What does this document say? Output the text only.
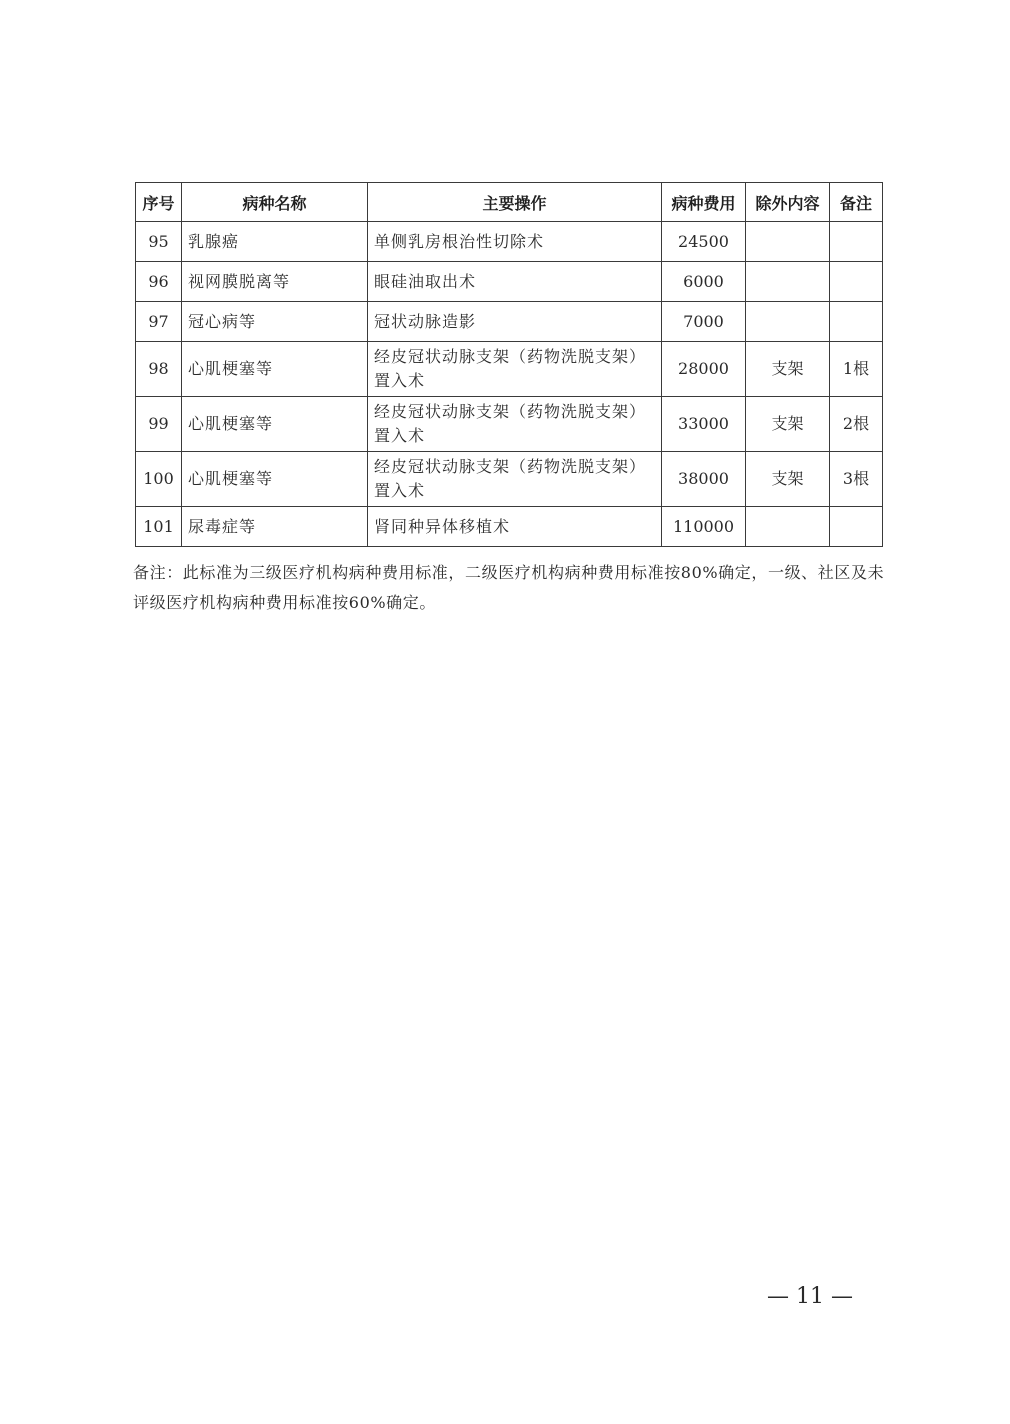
序号	病种名称	主要操作	病种费用	除外内容	备注
95	乳腺癌	单侧乳房根治性切除术	24500		
96	视网膜脱离等	眼硅油取出术	6000		
97	冠心病等	冠状动脉造影	7000		
98	心肌梗塞等	经皮冠状动脉支架（药物洗脱支架）置入术	28000	支架	1根
99	心肌梗塞等	经皮冠状动脉支架（药物洗脱支架）置入术	33000	支架	2根
100	心肌梗塞等	经皮冠状动脉支架（药物洗脱支架）置入术	38000	支架	3根
101	尿毒症等	肾同种异体移植术	110000		

备注：此标准为三级医疗机构病种费用标准，二级医疗机构病种费用标准按80%确定，一级、社区及未评级医疗机构病种费用标准按60%确定。

— 11 —
